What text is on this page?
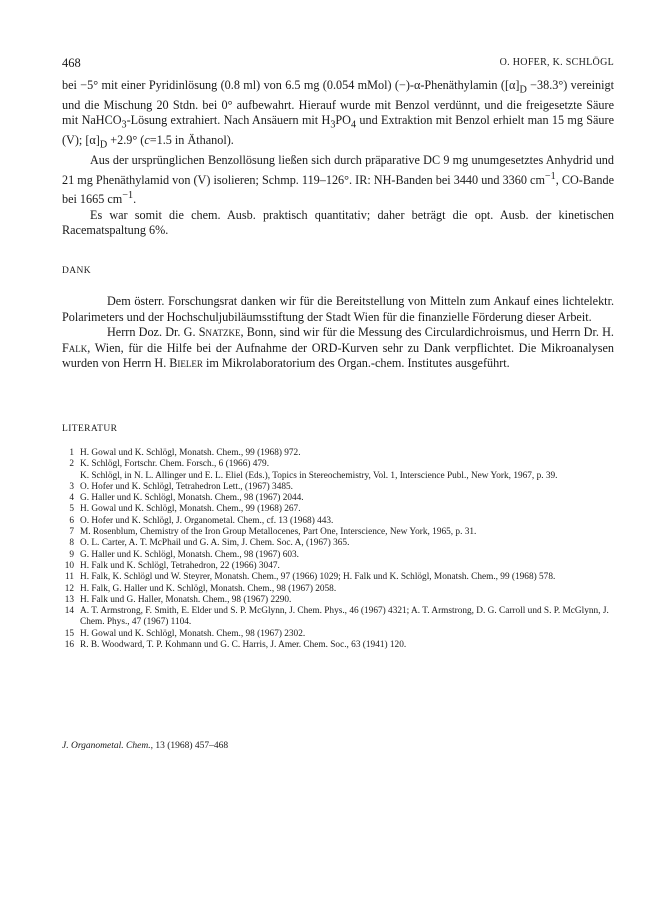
468	O. HOFER, K. SCHLÖGL

bei −5° mit einer Pyridinlösung (0.8 ml) von 6.5 mg (0.054 mMol) (−)-α-Phenäthylamin $([\alpha]_D -38.3^\circ)$ vereinigt und die Mischung 20 Stdn. bei 0° aufbewahrt. Hierauf wurde mit Benzol verdünnt, und die freigesetzte Säure mit NaHCO$_3$-Lösung extrahiert. Nach Ansäuern mit $H_3PO_4$ und Extraktion mit Benzol erhielt man 15 mg Säure (V); $[\alpha]_D +2.9^\circ$ (c=1.5 in Äthanol).

Aus der ursprünglichen Benzollösung ließen sich durch präparative DC 9 mg unumgesetztes Anhydrid und 21 mg Phenäthylamid von (V) isolieren; Schmp. 119–126°. IR: NH-Banden bei 3440 und 3360 $cm^{-1}$, CO-Bande bei 1665 $cm^{-1}$.

Es war somit die chem. Ausb. praktisch quantitativ; daher beträgt die opt. Ausb. der kinetischen Racematspaltung 6%.

DANK

Dem österr. Forschungsrat danken wir für die Bereitstellung von Mitteln zum Ankauf eines lichtelektr. Polarimeters und der Hochschuljubiläumsstiftung der Stadt Wien für die finanzielle Förderung dieser Arbeit.

Herrn Doz. Dr. G. Snatzke, Bonn, sind wir für die Messung des Circulardichroismus, und Herrn Dr. H. Falk, Wien, für die Hilfe bei der Aufnahme der ORD-Kurven sehr zu Dank verpflichtet. Die Mikroanalysen wurden von Herrn H. Bieler im Mikrolaboratorium des Organ.-chem. Institutes ausgeführt.

LITERATUR
1 H. Gowal und K. Schlögl, Monatsh. Chem., 99 (1968) 972.
2 K. Schlögl, Fortschr. Chem. Forsch., 6 (1966) 479.
K. Schlögl, in N. L. Allinger und E. L. Eliel (Eds.), Topics in Stereochemistry, Vol. 1, Interscience Publ., New York, 1967, p. 39.
3 O. Hofer und K. Schlögl, Tetrahedron Lett., (1967) 3485.
4 G. Haller und K. Schlögl, Monatsh. Chem., 98 (1967) 2044.
5 H. Gowal und K. Schlögl, Monatsh. Chem., 99 (1968) 267.
6 O. Hofer und K. Schlögl, J. Organometal. Chem., cf. 13 (1968) 443.
7 M. Rosenblum, Chemistry of the Iron Group Metallocenes, Part One, Interscience, New York, 1965, p. 31.
8 O. L. Carter, A. T. McPhail und G. A. Sim, J. Chem. Soc. A, (1967) 365.
9 G. Haller und K. Schlögl, Monatsh. Chem., 98 (1967) 603.
10 H. Falk und K. Schlögl, Tetrahedron, 22 (1966) 3047.
11 H. Falk, K. Schlögl und W. Steyrer, Monatsh. Chem., 97 (1966) 1029; H. Falk und K. Schlögl, Monatsh. Chem., 99 (1968) 578.
12 H. Falk, G. Haller und K. Schlögl, Monatsh. Chem., 98 (1967) 2058.
13 H. Falk und G. Haller, Monatsh. Chem., 98 (1967) 2290.
14 A. T. Armstrong, F. Smith, E. Elder und S. P. McGlynn, J. Chem. Phys., 46 (1967) 4321; A. T. Armstrong, D. G. Carroll und S. P. McGlynn, J. Chem. Phys., 47 (1967) 1104.
15 H. Gowal und K. Schlögl, Monatsh. Chem., 98 (1967) 2302.
16 R. B. Woodward, T. P. Kohmann und G. C. Harris, J. Amer. Chem. Soc., 63 (1941) 120.
J. Organometal. Chem., 13 (1968) 457–468
